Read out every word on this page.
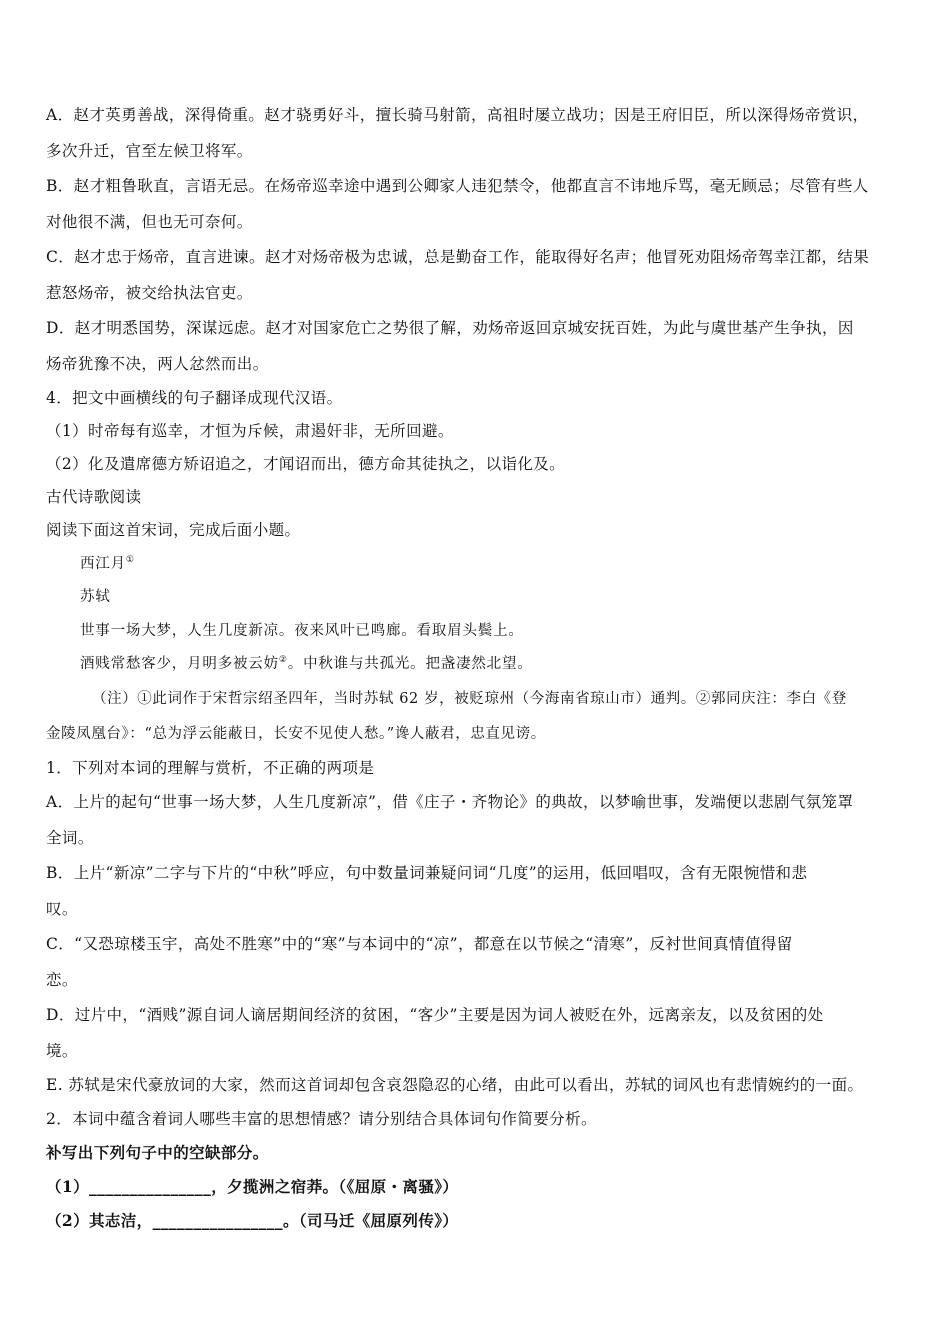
A．赵才英勇善战，深得倚重。赵才骁勇好斗，擅长骑马射箭，高祖时屡立战功；因是王府旧臣，所以深得炀帝赏识，
多次升迁，官至左候卫将军。
B．赵才粗鲁耿直，言语无忌。在炀帝巡幸途中遇到公卿家人违犯禁令，他都直言不讳地斥骂，毫无顾忌；尽管有些人
对他很不满，但也无可奈何。
C．赵才忠于炀帝，直言进谏。赵才对炀帝极为忠诚，总是勤奋工作，能取得好名声；他冒死劝阻炀帝驾幸江都，结果
惹怒炀帝，被交给执法官吏。
D．赵才明悉国势，深谋远虑。赵才对国家危亡之势很了解，劝炀帝返回京城安抚百姓，为此与虞世基产生争执，因
炀帝犹豫不决，两人忿然而出。
4．把文中画横线的句子翻译成现代汉语。
（1）时帝每有巡幸，才恒为斥候，肃遏奸非，无所回避。
（2）化及遣席德方矫诏追之，才闻诏而出，德方命其徒执之，以诣化及。
古代诗歌阅读
阅读下面这首宋词，完成后面小题。
西江月①
苏轼
世事一场大梦，人生几度新凉。夜来风叶已鸣廊。看取眉头鬓上。
酒贱常愁客少，月明多被云妨②。中秋谁与共孤光。把盏凄然北望。
（注）①此词作于宋哲宗绍圣四年，当时苏轼 62 岁，被贬琼州（今海南省琼山市）通判。②郭同庆注：李白《登
金陵凤凰台》：“总为浮云能蔽日，长安不见使人愁。”谗人蔽君，忠直见谤。
1．下列对本词的理解与赏析，不正确的两项是
A．上片的起句“世事一场大梦，人生几度新凉”，借《庄子・齐物论》的典故，以梦喻世事，发端便以悲剧气氛笼罩
全词。
B．上片“新凉”二字与下片的“中秋”呼应，句中数量词兼疑问词“几度”的运用，低回唱叹，含有无限惋惜和悲
叹。
C．“又恐琼楼玉宇，高处不胜寒”中的“寒”与本词中的“凉”，都意在以节候之“清寒”，反衬世间真情值得留
恋。
D．过片中，“酒贱”源自词人谪居期间经济的贫困，“客少”主要是因为词人被贬在外，远离亲友，以及贫困的处
境。
E. 苏轼是宋代豪放词的大家，然而这首词却包含哀怨隐忍的心绪，由此可以看出，苏轼的词风也有悲情婉约的一面。
2．本词中蕴含着词人哪些丰富的思想情感？请分别结合具体词句作简要分析。
补写出下列句子中的空缺部分。
（1）_______________，夕揽洲之宿莽。（《屈原・离骚》）
（2）其志洁，________________。（司马迁《屈原列传》）
